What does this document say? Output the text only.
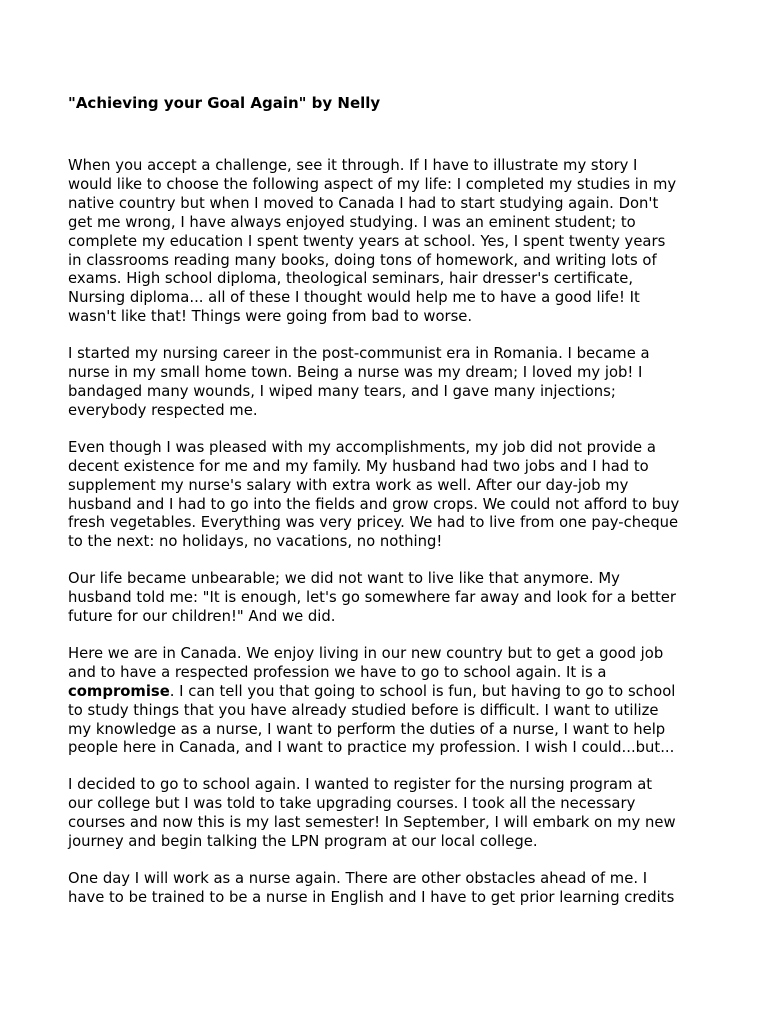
"Achieving your Goal Again" by Nelly
When you accept a challenge, see it through. If I have to illustrate my story I
would like to choose the following aspect of my life: I completed my studies in my
native country but when I moved to Canada I had to start studying again. Don't
get me wrong, I have always enjoyed studying. I was an eminent student; to
complete my education I spent twenty years at school. Yes, I spent twenty years
in classrooms reading many books, doing tons of homework, and writing lots of
exams. High school diploma, theological seminars, hair dresser's certificate,
Nursing diploma... all of these I thought would help me to have a good life! It
wasn't like that! Things were going from bad to worse.
I started my nursing career in the post-communist era in Romania. I became a
nurse in my small home town. Being a nurse was my dream; I loved my job! I
bandaged many wounds, I wiped many tears, and I gave many injections;
everybody respected me.
Even though I was pleased with my accomplishments, my job did not provide a
decent existence for me and my family. My husband had two jobs and I had to
supplement my nurse's salary with extra work as well. After our day-job my
husband and I had to go into the fields and grow crops. We could not afford to buy
fresh vegetables. Everything was very pricey. We had to live from one pay-cheque
to the next: no holidays, no vacations, no nothing!
Our life became unbearable; we did not want to live like that anymore. My
husband told me: "It is enough, let's go somewhere far away and look for a better
future for our children!" And we did.
Here we are in Canada. We enjoy living in our new country but to get a good job
and to have a respected profession we have to go to school again. It is a
compromise. I can tell you that going to school is fun, but having to go to school
to study things that you have already studied before is difficult. I want to utilize
my knowledge as a nurse, I want to perform the duties of a nurse, I want to help
people here in Canada, and I want to practice my profession. I wish I could...but...
I decided to go to school again. I wanted to register for the nursing program at
our college but I was told to take upgrading courses. I took all the necessary
courses and now this is my last semester! In September, I will embark on my new
journey and begin talking the LPN program at our local college.
One day I will work as a nurse again. There are other obstacles ahead of me. I
have to be trained to be a nurse in English and I have to get prior learning credits
